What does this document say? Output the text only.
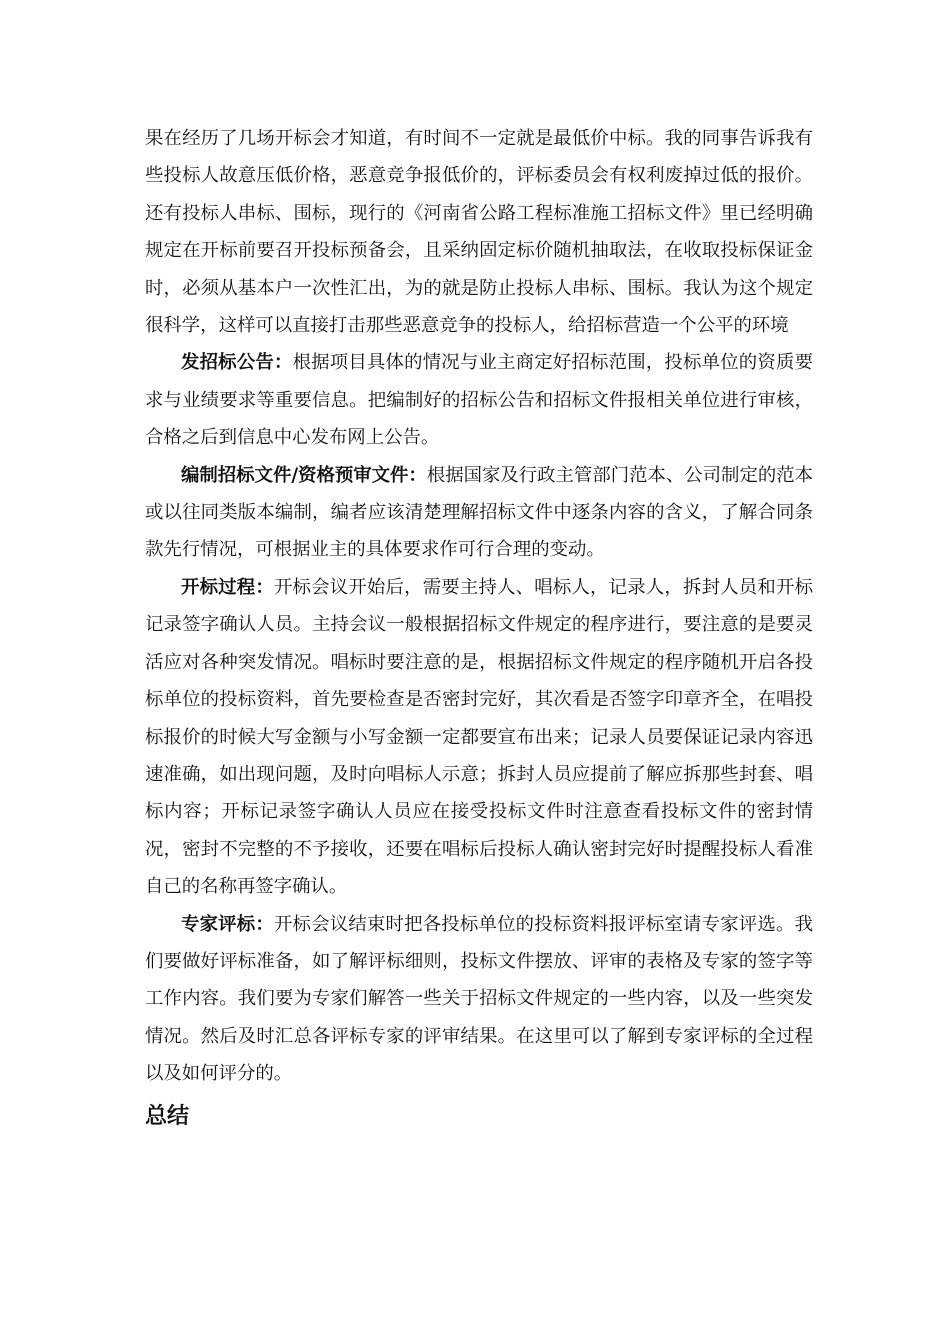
果在经历了几场开标会才知道，有时间不一定就是最低价中标。我的同事告诉我有些投标人故意压低价格，恶意竞争报低价的，评标委员会有权利废掉过低的报价。还有投标人串标、围标，现行的《河南省公路工程标准施工招标文件》里已经明确规定在开标前要召开投标预备会，且采纳固定标价随机抽取法，在收取投标保证金时，必须从基本户一次性汇出，为的就是防止投标人串标、围标。我认为这个规定很科学，这样可以直接打击那些恶意竞争的投标人，给招标营造一个公平的环境

发招标公告：根据项目具体的情况与业主商定好招标范围，投标单位的资质要求与业绩要求等重要信息。把编制好的招标公告和招标文件报相关单位进行审核，合格之后到信息中心发布网上公告。

编制招标文件/资格预审文件：根据国家及行政主管部门范本、公司制定的范本或以往同类版本编制，编者应该清楚理解招标文件中逐条内容的含义，了解合同条款先行情况，可根据业主的具体要求作可行合理的变动。

开标过程：开标会议开始后，需要主持人、唱标人，记录人，拆封人员和开标记录签字确认人员。主持会议一般根据招标文件规定的程序进行，要注意的是要灵活应对各种突发情况。唱标时要注意的是，根据招标文件规定的程序随机开启各投标单位的投标资料，首先要检查是否密封完好，其次看是否签字印章齐全，在唱投标报价的时候大写金额与小写金额一定都要宣布出来；记录人员要保证记录内容迅速准确，如出现问题，及时向唱标人示意；拆封人员应提前了解应拆那些封套、唱标内容；开标记录签字确认人员应在接受投标文件时注意查看投标文件的密封情况，密封不完整的不予接收，还要在唱标后投标人确认密封完好时提醒投标人看准自己的名称再签字确认。

专家评标：开标会议结束时把各投标单位的投标资料报评标室请专家评选。我们要做好评标准备，如了解评标细则，投标文件摆放、评审的表格及专家的签字等工作内容。我们要为专家们解答一些关于招标文件规定的一些内容，以及一些突发情况。然后及时汇总各评标专家的评审结果。在这里可以了解到专家评标的全过程以及如何评分的。

总结
